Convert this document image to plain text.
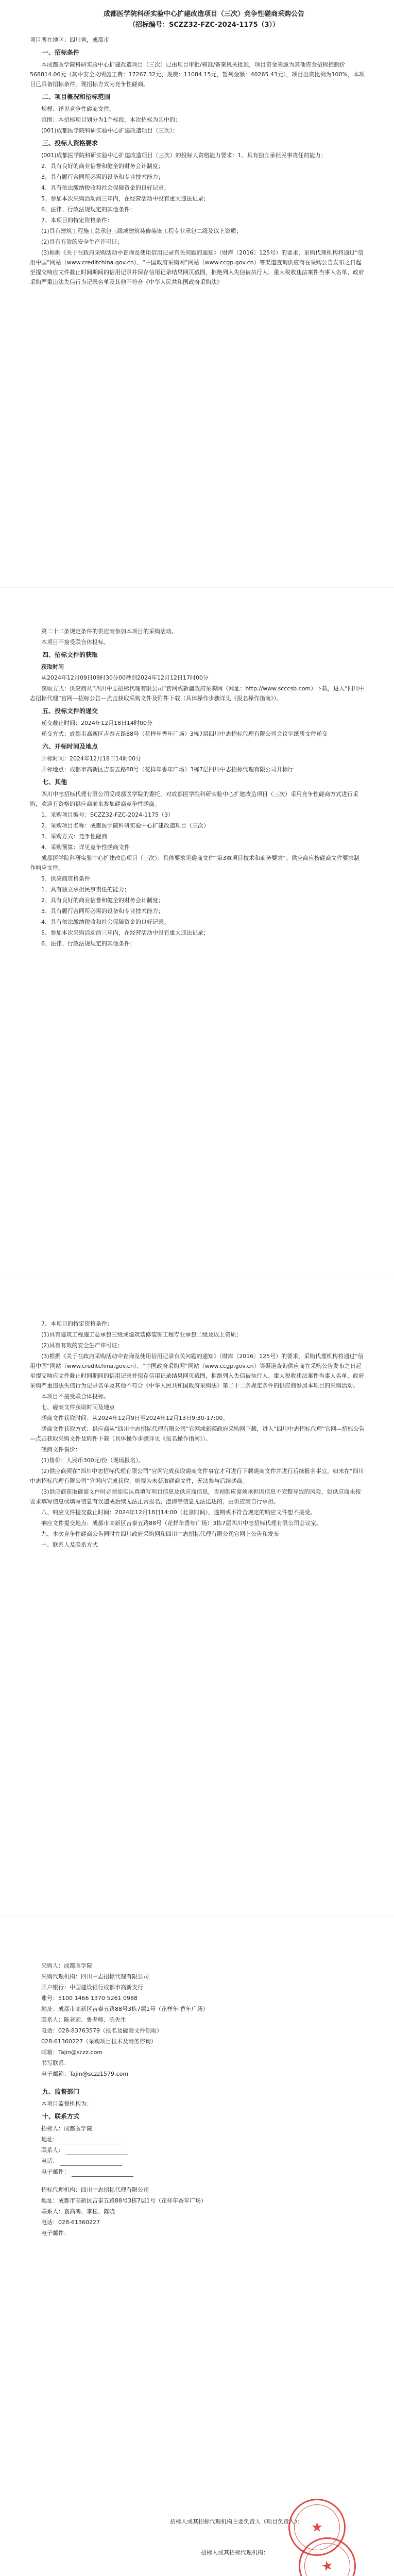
成都医学院科研实验中心扩建改造项目（三次）竞争性磋商采购公告

（招标编号：SCZZ32-FZC-2024-1175（3））

项目所在地区：四川省，成都市

一、招标条件

本成都医学院科研实验中心扩建改造项目（三次）已由项目审批/核准/备案机关批准，项目资金来源为其他资金招标控制价568814.06元（其中安全文明施工费：17267.32元、规费：11084.15元，暂列金额：40265.43元），项目出资比例为100%，本项目已具备招标条件，现招标方式为竞争性磋商。

二、项目概况和招标范围

规模：详见竞争性磋商文件。

范围：本招标项目划分为1个标段，本次招标为其中的：

(001)成都医学院科研实验中心扩建改造项目（三次）；

三、投标人资格要求

(001)成都医学院科研实验中心扩建改造项目（三次）的投标人资格能力要求：1、具有独立承担民事责任的能力；

2、具有良好的商业信誉和健全的财务会计制度；

3、具有履行合同所必需的设备和专业技术能力；

4、具有依法缴纳税收和社会保障资金的良好记录；

5、参加本次采购活动前三年内，在经营活动中没有重大违法记录；

6、法律、行政法规规定的其他条件；

7、本项目的特定资格条件：

(1)具有建筑工程施工总承包三级或建筑装修装饰工程专业承包二级及以上资质；

(2)具有有效的安全生产许可证；

(3)根据《关于在政府采购活动中查询及使用信用记录有关问题的通知》（财库〔2016〕125号）的要求，采购代理机构将通过“信用中国”网站（www.creditchina.gov.cn）、“中国政府采购网”网站（www.ccgp.gov.cn）等渠道查询供应商在采购公告发布之日起至提交响应文件截止时间期间的信用记录并保存信用记录结果网页截图，拒绝列入失信被执行人、重大税收违法案件当事人名单、政府采购严重违法失信行为记录名单及其他不符合《中华人民共和国政府采购法》

第二十二条规定条件的供应商参加本项目的采购活动。

本项目不接受联合体投标。

四、招标文件的获取
获取时间

从2024年12月09日09时30分00秒到2024年12月12日17时00分

获取方式：供应商从“四川中志招标代理有限公司”官网或新疆政府采购网（网址：http://www.scccsb.com）下载，进入“四川中志招标代理”官网—招标公告—点击获取采购文件及附件下载（具体操作步骤详见《报名操作指南》）。

五、投标文件的递交

递交截止时间：2024年12月18日14时00分

递交方式：成都市高新区吉泰五路88号（花样年香年广场）3栋7层四川中志招标代理有限公司会议室纸质文件递交

六、开标时间及地点

开标时间：2024年12月18日14时00分

开标地点：成都市高新区吉泰五路88号（花样年香年广场）3栋7层四川中志招标代理有限公司开标厅

七、其他

四川中志招标代理有限公司受成都医学院的委托，对成都医学院科研实验中心扩建改造项目（三次）采用竞争性磋商方式进行采购，欢迎有资格的供应商前来参加磋商竞争性磋商。

1、采购项目编号：SCZZ32-FZC-2024-1175（3）

2、采购项目名称：成都医学院科研实验中心扩建改造项目（三次）

3、采购方式：竞争性磋商

4、采购预算：详见竞争性磋商文件

成都医学院科研实验中心扩建改造项目（三次）：具体要求见磋商文件“第3章项目技术和商务要求”。供应商应按磋商文件要求制作响应文件。

5、供应商资格条件

1、具有独立承担民事责任的能力；

2、具有良好的商业信誉和健全的财务会计制度；

3、具有履行合同所必需的设备和专业技术能力；

4、具有依法缴纳税收和社会保障资金的良好记录；

5、参加本次采购活动前三年内，在经营活动中没有重大违法记录；

6、法律、行政法规规定的其他条件；

7、本项目的特定资格条件：

(1)具有建筑工程施工总承包三级或建筑装修装饰工程专业承包二级及以上资质；

(2)具有有效的安全生产许可证；

(3)根据《关于在政府采购活动中查询及使用信用记录有关问题的通知》（财库〔2016〕125号）的要求，采购代理机构将通过“信用中国”网站（www.creditchina.gov.cn）、“中国政府采购网”网站（www.ccgp.gov.cn）等渠道查询供应商在采购公告发布之日起至提交响应文件截止时间期间的信用记录并保存信用记录结果网页截图，拒绝列入失信被执行人、重大税收违法案件当事人名单、政府采购严重违法失信行为记录名单及其他不符合《中华人民共和国政府采购法》第二十二条规定条件的供应商参加本项目的采购活动。

本项目不接受联合体投标。

七、磋商文件获取时间及地点

磋商文件获取时间：从2024年12月9日至2024年12月13日9:30-17:00。

磋商文件获取方式：供应商从“四川中志招标代理有限公司”官网或新疆政府采购网下载，进入“四川中志招标代理”官网—招标公告—点击获取采购文件及附件下载（具体操作步骤详见《报名操作指南》）。

磋商文件售价：

(1)售价：人民币300元/份（现场报名）。

(2)供应商须在“四川中志招标代理有限公司”官网完成获取磋商文件事宜才可进行下载磋商文件并进行后续报名事宜，如未在“四川中志招标代理有限公司”官网内完成获取，则视为未获取磋商文件，无法参与后续磋商。

(3)供应商获取磋商文件时必须如实认真填写项目信息及供应商信息，否则供应商须承担因信息不完整导致的风险，如供应商未按要求填写信息或填写信息有误造成后续无法正常报名、澄清等信息无法送达的，由供应商自行承担。

八、响应文件提交截止时间：2024年12月18日14:00（北京时间），逾期或不符合规定的响应文件恕不接受。

响应文件提交地点：成都市高新区吉泰五路88号（花样年香年广场）3栋7层四川中志招标代理有限公司会议室。

九、本次竞争性磋商公告同时在四川政府采购网和四川中志招标代理有限公司官网上公告和发布

十、联系人及联系方式

采购人：成都医学院

采购代理机构：四川中志招标代理有限公司

开户银行：中国建设银行成都市高新支行

账号：5100 1466 1370 5261 0988

地址：成都市高新区吉泰五路88号3栋7层1号（花样年·香年广场）

联系人：陈老师、鲁老师、陈先生

电话：028-83763579（报名及磋商文件领取）

028-61360227（采购项目技术及商务咨询）

邮箱：Tajin@sczz.com

书写联系：

电子邮箱：Tajin@sczz1579.com

九、监督部门

本项目监督机构为：

十、联系方式

招标人：成都医学院

地址：

联系人：

电话：

电子邮件：

招标代理机构：四川中志招标代理有限公司

地址：成都市高新区吉泰五路88号3栋7层1号（花样年香年广场）

联系人：袁高鸿、李松、陈晓

电话：028-61360227

电子邮件：

招标人或其招标代理机构主要负责人（项目负责人）：
招标人或其招标代理机构：
★
★
